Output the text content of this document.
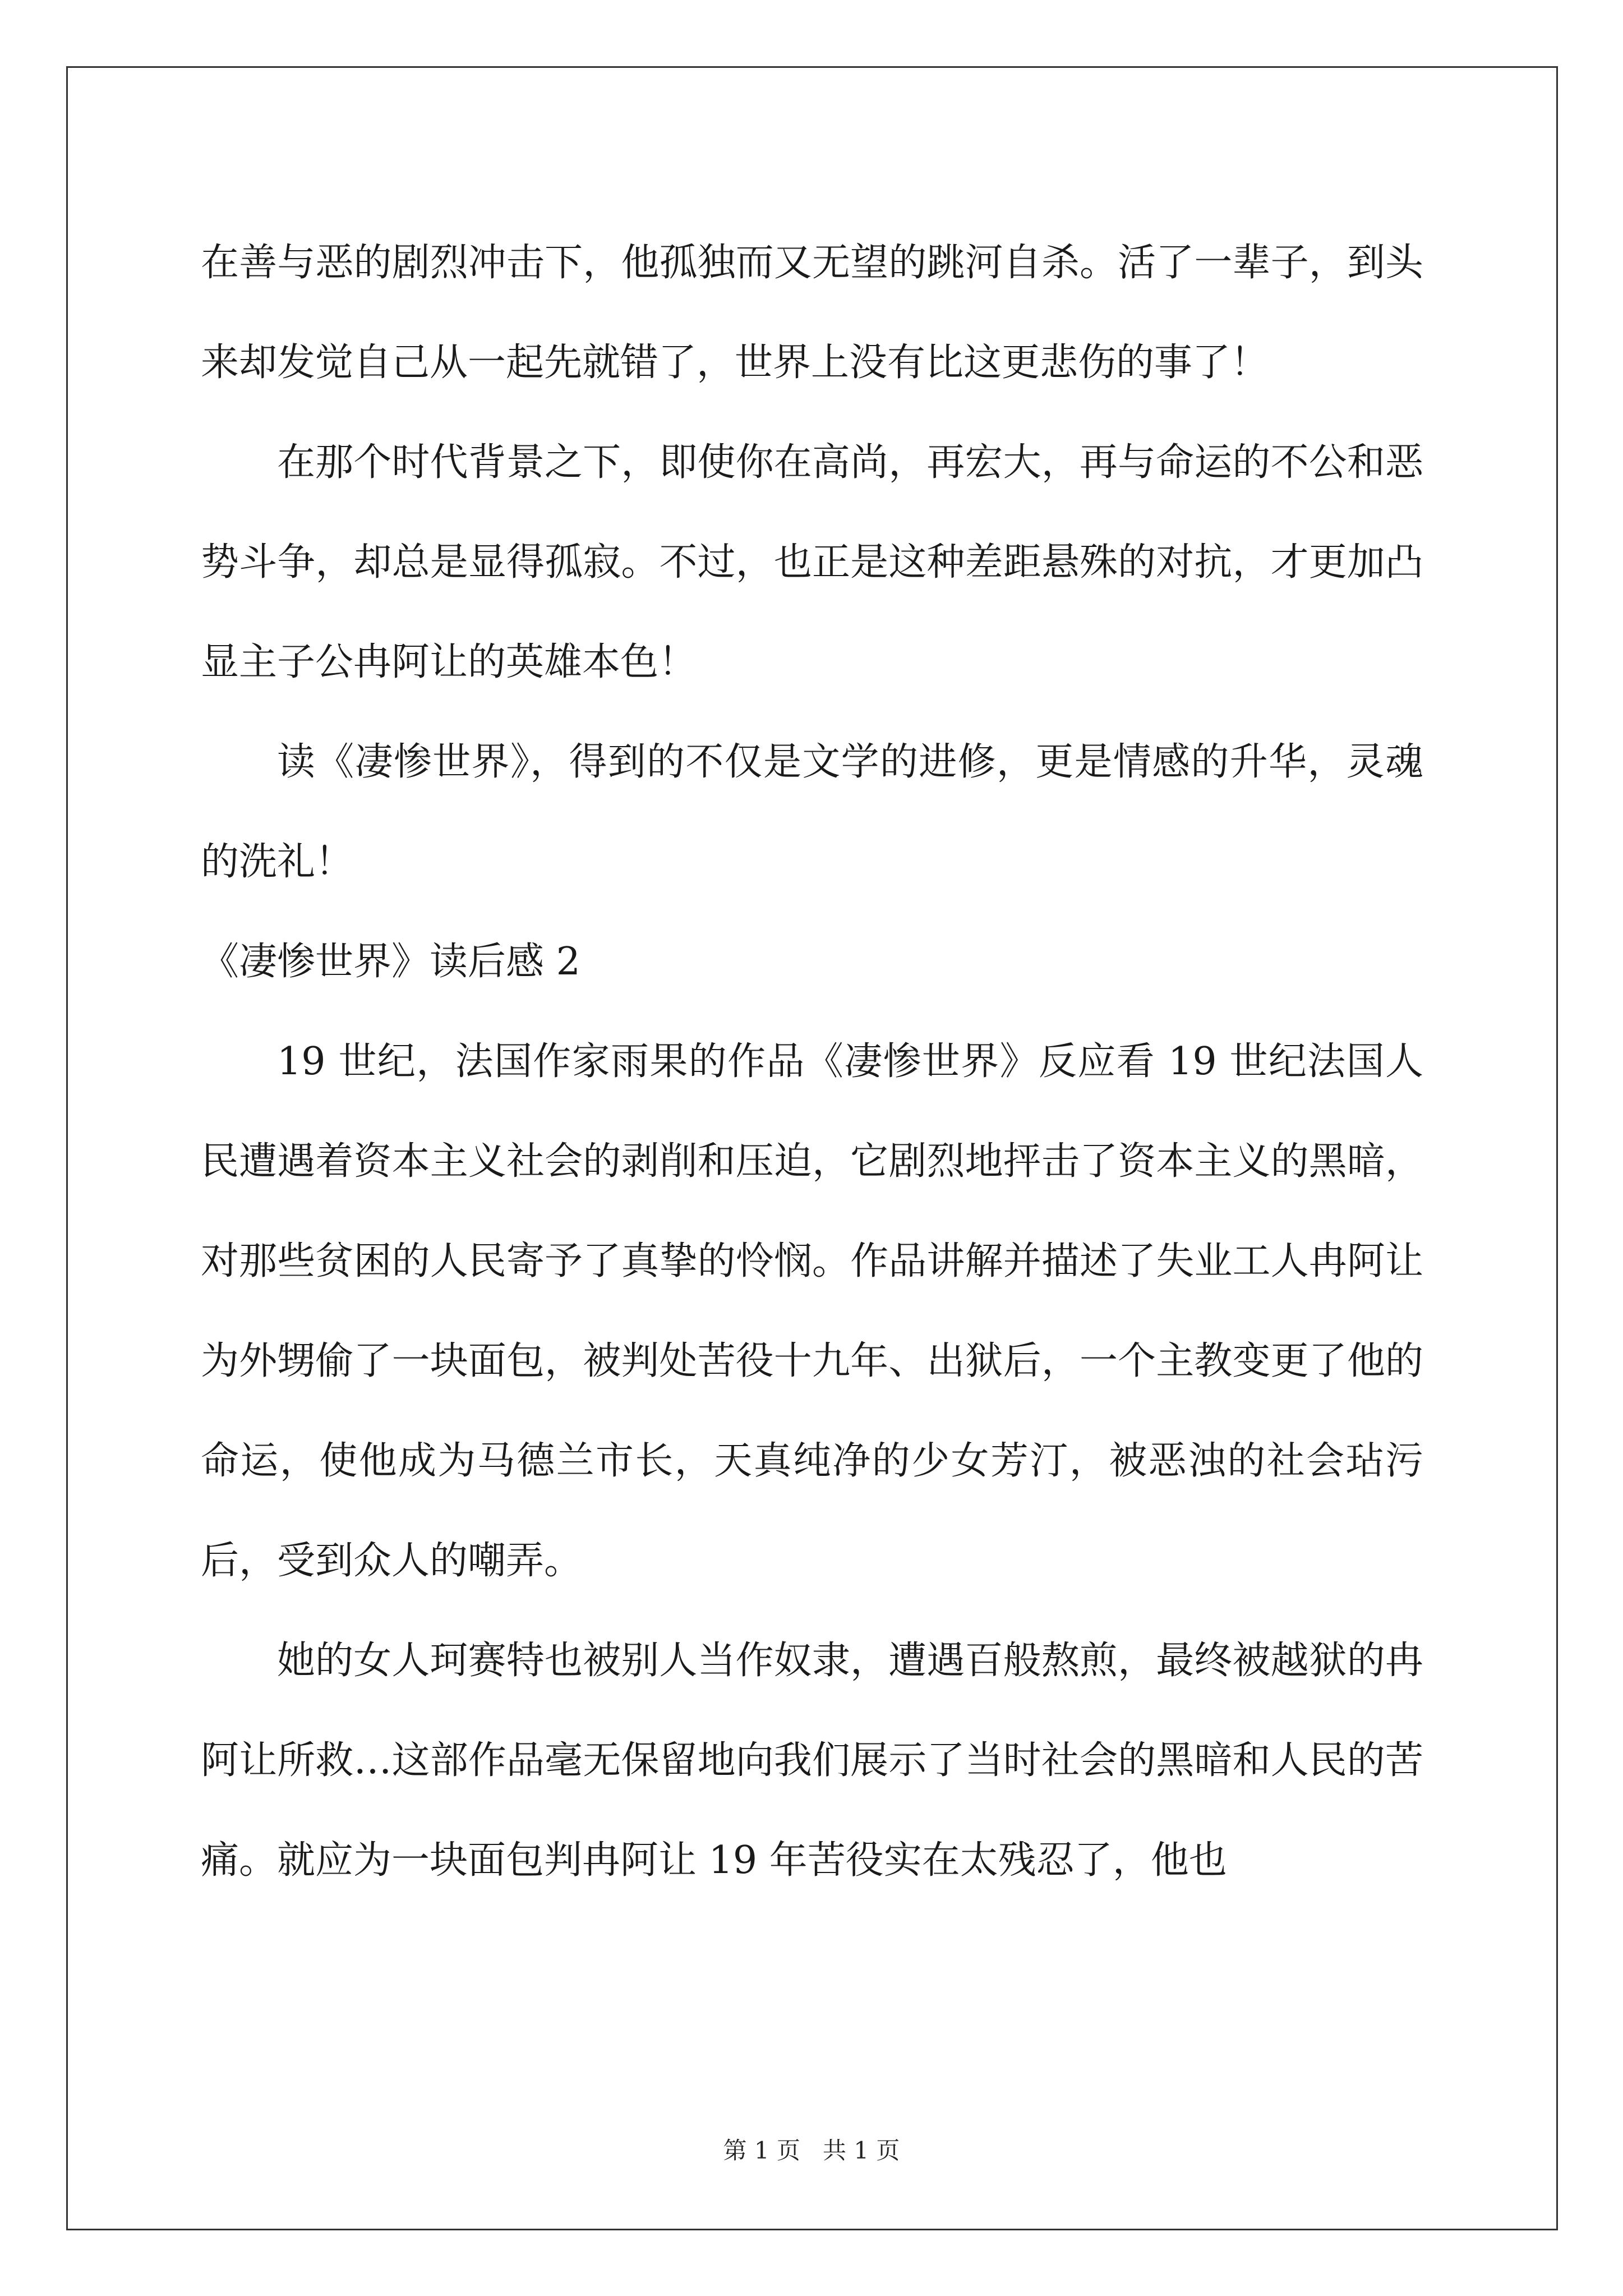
在善与恶的剧烈冲击下，他孤独而又无望的跳河自杀。活了一辈子，到头来却发觉自己从一起先就错了，世界上没有比这更悲伤的事了！

在那个时代背景之下，即使你在高尚，再宏大，再与命运的不公和恶势斗争，却总是显得孤寂。不过，也正是这种差距悬殊的对抗，才更加凸显主子公冉阿让的英雄本色！

读《凄惨世界》，得到的不仅是文学的进修，更是情感的升华，灵魂的洗礼！

《凄惨世界》读后感 2

19 世纪，法国作家雨果的作品《凄惨世界》反应看 19 世纪法国人民遭遇着资本主义社会的剥削和压迫，它剧烈地抨击了资本主义的黑暗，对那些贫困的人民寄予了真挚的怜悯。作品讲解并描述了失业工人冉阿让为外甥偷了一块面包，被判处苦役十九年、出狱后，一个主教变更了他的命运，使他成为马德兰市长，天真纯净的少女芳汀，被恶浊的社会玷污后，受到众人的嘲弄。

她的女人珂赛特也被别人当作奴隶，遭遇百般熬煎，最终被越狱的冉阿让所救…这部作品毫无保留地向我们展示了当时社会的黑暗和人民的苦痛。就应为一块面包判冉阿让 19 年苦役实在太残忍了，他也

第 1 页 共 1 页
